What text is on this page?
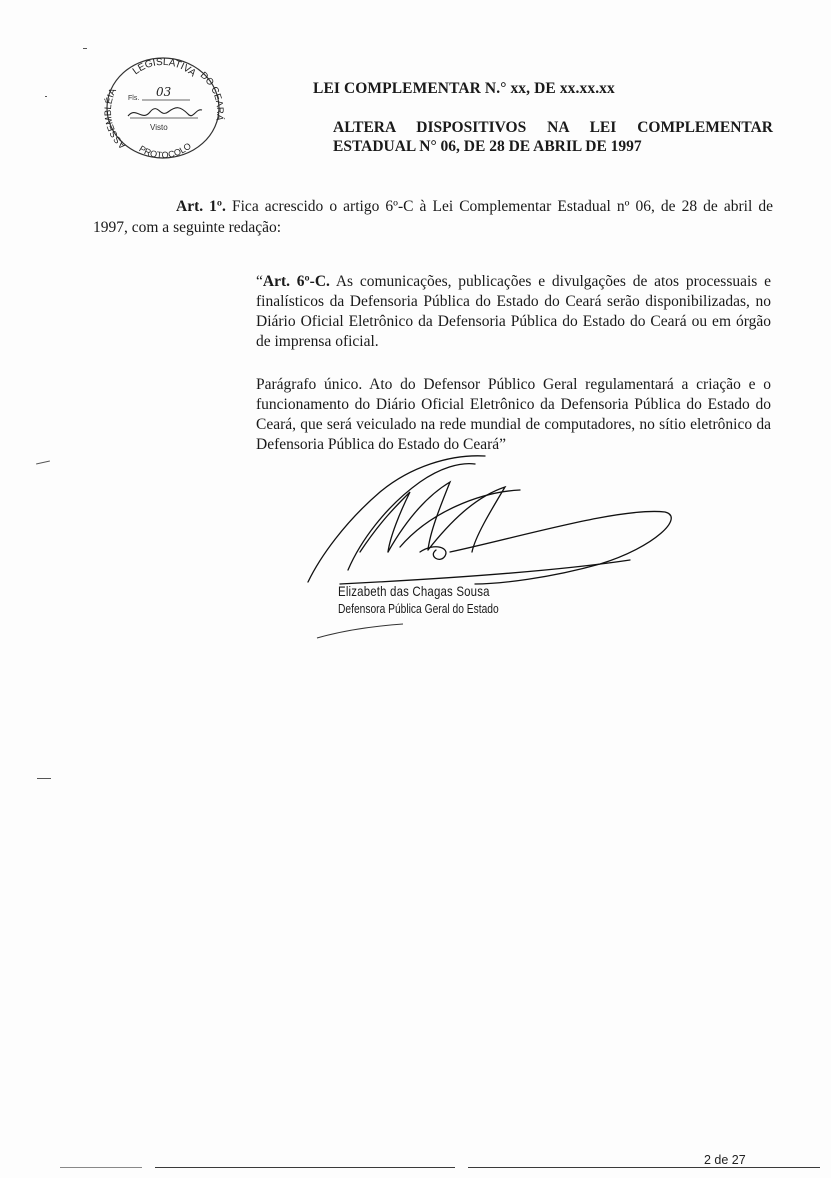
LEGISLATIVA
ASSEMBLÉIA
DO CEARÁ
PROTOCOLO
Fls. 03
Visto
LEI COMPLEMENTAR N.° xx, DE xx.xx.xx
ALTERA DISPOSITIVOS NA LEI COMPLEMENTAR
ESTADUAL N° 06, DE 28 DE ABRIL DE 1997
Art. 1º. Fica acrescido o artigo 6º-C à Lei Complementar Estadual nº 06, de 28 de abril de 1997, com a seguinte redação:

“Art. 6º-C. As comunicações, publicações e divulgações de atos processuais e finalísticos da Defensoria Pública do Estado do Ceará serão disponibilizadas, no Diário Oficial Eletrônico da Defensoria Pública do Estado do Ceará ou em órgão de imprensa oficial.

Parágrafo único. Ato do Defensor Público Geral regulamentará a criação e o funcionamento do Diário Oficial Eletrônico da Defensoria Pública do Estado do Ceará, que será veiculado na rede mundial de computadores, no sítio eletrônico da Defensoria Pública do Estado do Ceará”

Elizabeth das Chagas Sousa
Defensora Pública Geral do Estado
2 de 27
